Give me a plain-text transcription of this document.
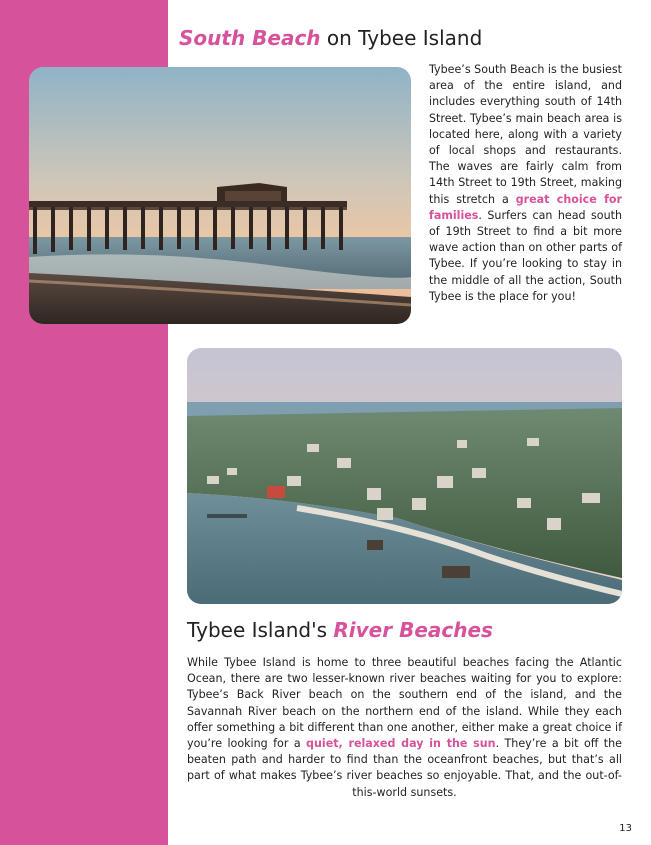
South Beach on Tybee Island

Tybee’s South Beach is the busiest area of the entire island, and includes everything south of 14th Street. Tybee’s main beach area is located here, along with a variety of local shops and restaurants. The waves are fairly calm from 14th Street to 19th Street, making this stretch a great choice for families. Surfers can head south of 19th Street to find a bit more wave action than on other parts of Tybee. If you’re looking to stay in the middle of all the action, South Tybee is the place for you!

Tybee Island's River Beaches

While Tybee Island is home to three beautiful beaches facing the Atlantic Ocean, there are two lesser-known river beaches waiting for you to explore: Tybee’s Back River beach on the southern end of the island, and the Savannah River beach on the northern end of the island. While they each offer something a bit different than one another, either make a great choice if you’re looking for a quiet, relaxed day in the sun. They’re a bit off the beaten path and harder to find than the oceanfront beaches, but that’s all part of what makes Tybee’s river beaches so enjoyable. That, and the out-of-this-world sunsets.

13
